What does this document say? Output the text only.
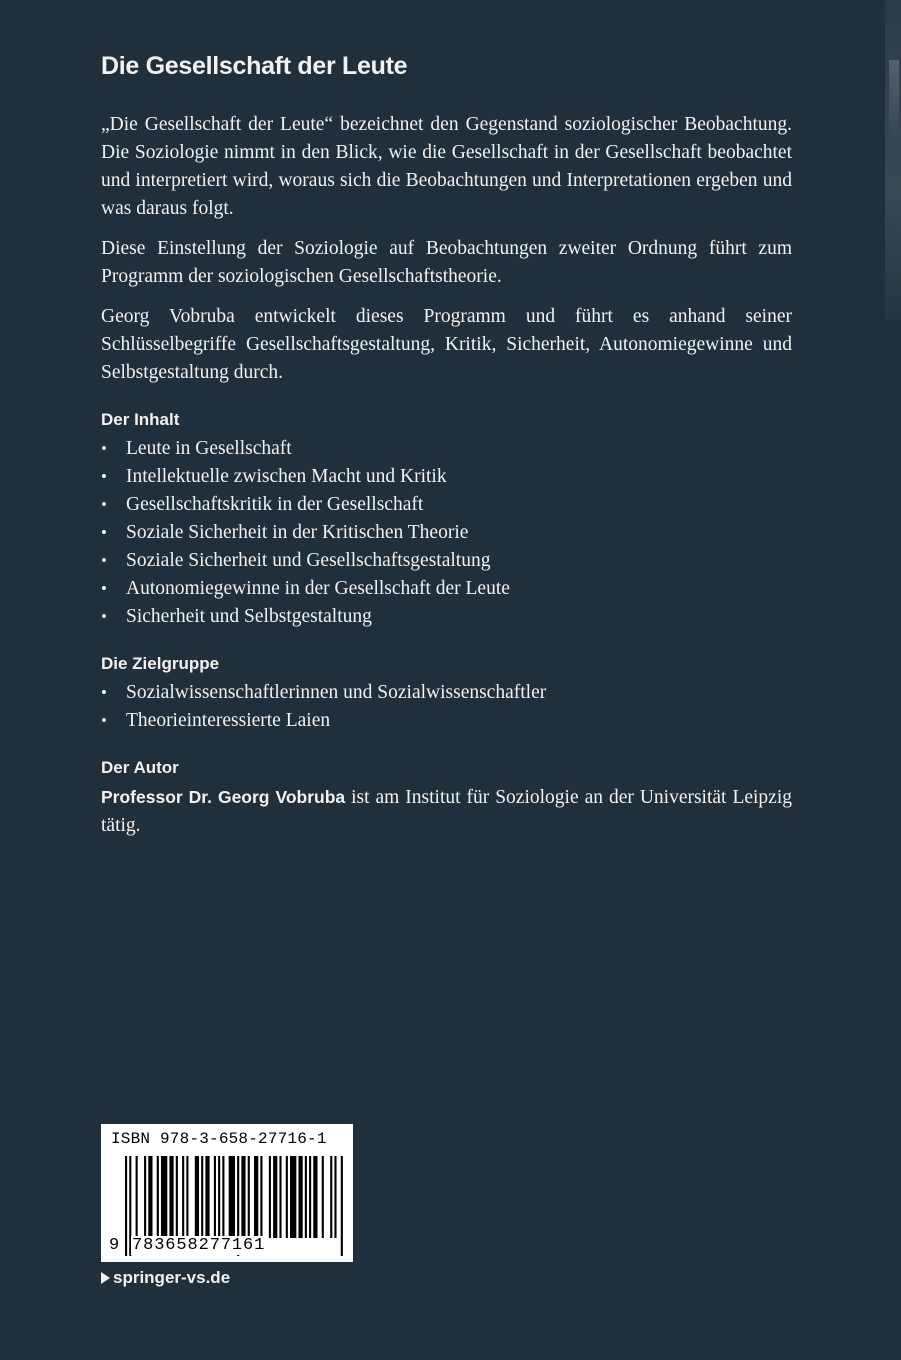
Die Gesellschaft der Leute

„Die Gesellschaft der Leute“ bezeichnet den Gegenstand soziologischer Beobachtung. Die Soziologie nimmt in den Blick, wie die Gesellschaft in der Gesellschaft beobachtet und interpretiert wird, woraus sich die Beobachtungen und Interpretationen ergeben und was daraus folgt.

Diese Einstellung der Soziologie auf Beobachtungen zweiter Ordnung führt zum Programm der soziologischen Gesellschaftstheorie.

Georg Vobruba entwickelt dieses Programm und führt es anhand seiner Schlüsselbegriffe Gesellschaftsgestaltung, Kritik, Sicherheit, Autonomiegewinne und Selbstgestaltung durch.

Der Inhalt
• Leute in Gesellschaft
• Intellektuelle zwischen Macht und Kritik
• Gesellschaftskritik in der Gesellschaft
• Soziale Sicherheit in der Kritischen Theorie
• Soziale Sicherheit und Gesellschaftsgestaltung
• Autonomiegewinne in der Gesellschaft der Leute
• Sicherheit und Selbstgestaltung
Die Zielgruppe
• Sozialwissenschaftlerinnen und Sozialwissenschaftler
• Theorieinteressierte Laien
Der Autor

Professor Dr. Georg Vobruba ist am Institut für Soziologie an der Universität Leipzig tätig.

ISBN 978-3-658-27716-1
9 783658277161
springer-vs.de
